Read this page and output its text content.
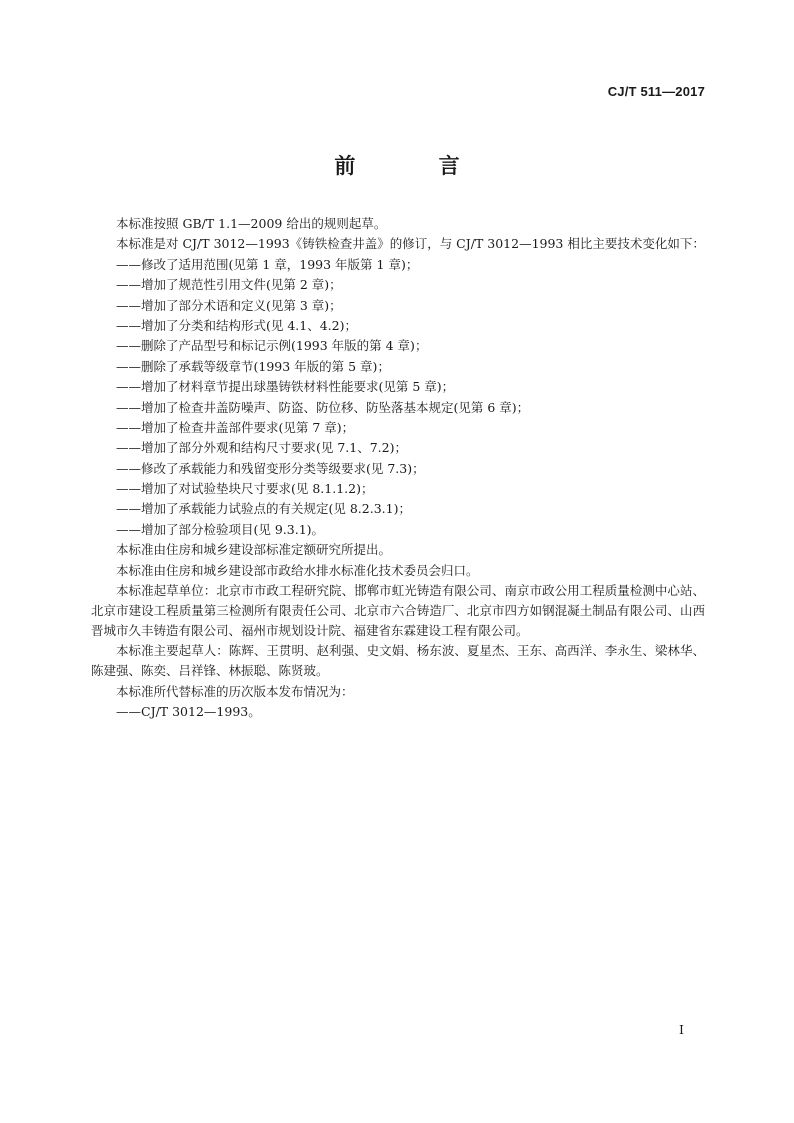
CJ/T 511—2017
前 言

本标准按照 GB/T 1.1—2009 给出的规则起草。

本标准是对 CJ/T 3012—1993《铸铁检查井盖》的修订，与 CJ/T 3012—1993 相比主要技术变化如下：

——修改了适用范围(见第 1 章，1993 年版第 1 章)；

——增加了规范性引用文件(见第 2 章)；

——增加了部分术语和定义(见第 3 章)；

——增加了分类和结构形式(见 4.1、4.2)；

——删除了产品型号和标记示例(1993 年版的第 4 章)；

——删除了承载等级章节(1993 年版的第 5 章)；

——增加了材料章节提出球墨铸铁材料性能要求(见第 5 章)；

——增加了检查井盖防噪声、防盗、防位移、防坠落基本规定(见第 6 章)；

——增加了检查井盖部件要求(见第 7 章)；

——增加了部分外观和结构尺寸要求(见 7.1、7.2)；

——修改了承载能力和残留变形分类等级要求(见 7.3)；

——增加了对试验垫块尺寸要求(见 8.1.1.2)；

——增加了承载能力试验点的有关规定(见 8.2.3.1)；

——增加了部分检验项目(见 9.3.1)。

本标准由住房和城乡建设部标准定额研究所提出。

本标准由住房和城乡建设部市政给水排水标准化技术委员会归口。

本标准起草单位：北京市市政工程研究院、邯郸市虹光铸造有限公司、南京市政公用工程质量检测中心站、北京市建设工程质量第三检测所有限责任公司、北京市六合铸造厂、北京市四方如钢混凝土制品有限公司、山西晋城市久丰铸造有限公司、福州市规划设计院、福建省东霖建设工程有限公司。

本标准主要起草人：陈辉、王贯明、赵利强、史文娟、杨东波、夏星杰、王东、高西洋、李永生、梁林华、陈建强、陈奕、吕祥锋、林振聪、陈贤玻。

本标准所代替标准的历次版本发布情况为：

——CJ/T 3012—1993。

I
